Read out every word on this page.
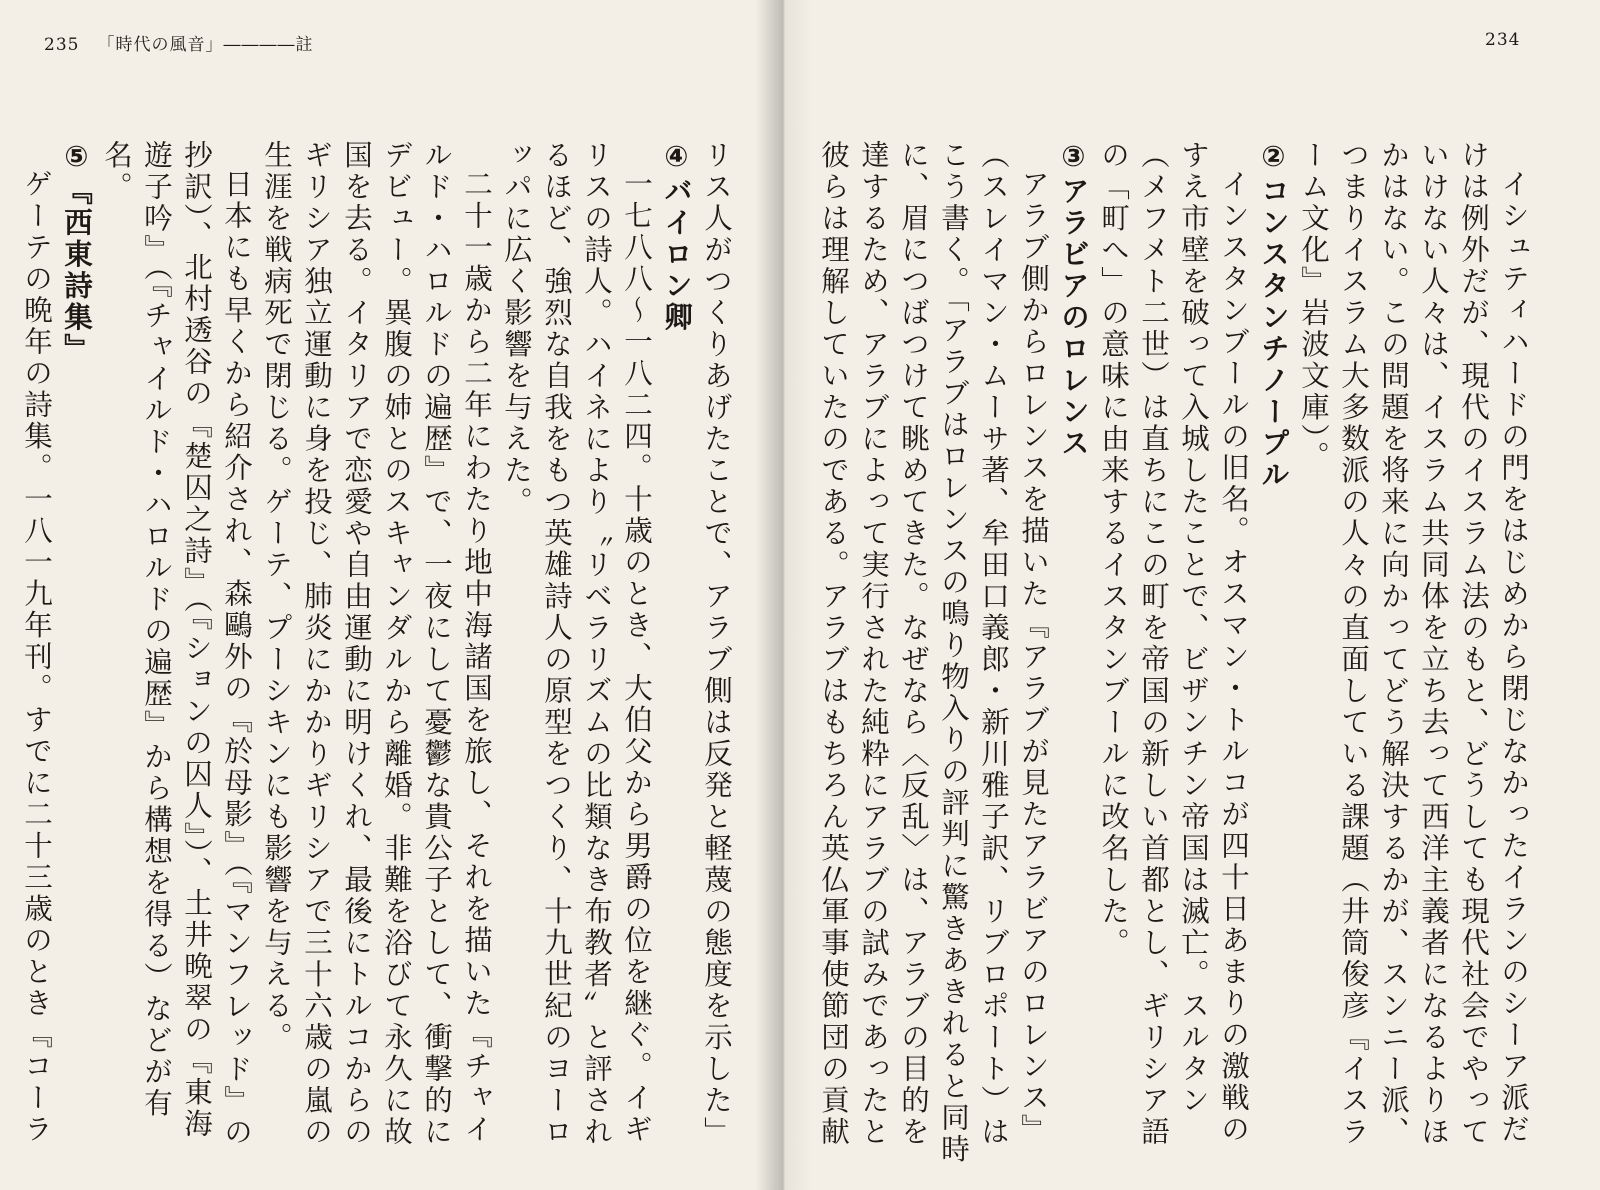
235 「時代の風音」――――註

リス人がつくりあげたことで、アラブ側は反発と軽蔑の態度を示した」

④バイロン卿

一七八八〜一八二四。十歳のとき、大伯父から男爵の位を継ぐ。イギリスの詩人。ハイネにより〝リベラリズムの比類なき布教者〟と評されるほど、強烈な自我をもつ英雄詩人の原型をつくり、十九世紀のヨーロッパに広く影響を与えた。

二十一歳から二年にわたり地中海諸国を旅し、それを描いた『チャイルド・ハロルドの遍歴』で、一夜にして憂鬱な貴公子として、衝撃的にデビュー。異腹の姉とのスキャンダルから離婚。非難を浴びて永久に故国を去る。イタリアで恋愛や自由運動に明けくれ、最後にトルコからのギリシア独立運動に身を投じ、肺炎にかかりギリシアで三十六歳の嵐の生涯を戦病死で閉じる。ゲーテ、プーシキンにも影響を与える。

日本にも早くから紹介され、森鷗外の『於母影』（『マンフレッド』の抄訳）、北村透谷の『楚囚之詩』（『ションの囚人』）、土井晩翠の『東海遊子吟』（『チャイルド・ハロルドの遍歴』から構想を得る）などが有名。

⑤『西東詩集』

ゲーテの晩年の詩集。一八一九年刊。すでに二十三歳のとき『コーラ

234

イシュティハードの門をはじめから閉じなかったイランのシーア派だけは例外だが、現代のイスラム法のもと、どうしても現代社会でやっていけない人々は、イスラム共同体を立ち去って西洋主義者になるよりほかはない。この問題を将来に向かってどう解決するかが、スンニー派、つまりイスラム大多数派の人々の直面している課題（井筒俊彦『イスラーム文化』岩波文庫）。

②コンスタンチノープル

インスタンブールの旧名。オスマン・トルコが四十日あまりの激戦のすえ市壁を破って入城したことで、ビザンチン帝国は滅亡。スルタン（メフメト二世）は直ちにこの町を帝国の新しい首都とし、ギリシア語の「町へ」の意味に由来するイスタンブールに改名した。

③アラビアのロレンス

アラブ側からロレンスを描いた『アラブが見たアラビアのロレンス』（スレイマン・ムーサ著、牟田口義郎・新川雅子訳、リブロポート）はこう書く。「アラブはロレンスの鳴り物入りの評判に驚きあきれると同時に、眉につばつけて眺めてきた。なぜなら〈反乱〉は、アラブの目的を達するため、アラブによって実行された純粋にアラブの試みであったと彼らは理解していたのである。アラブはもちろん英仏軍事使節団の貢献
